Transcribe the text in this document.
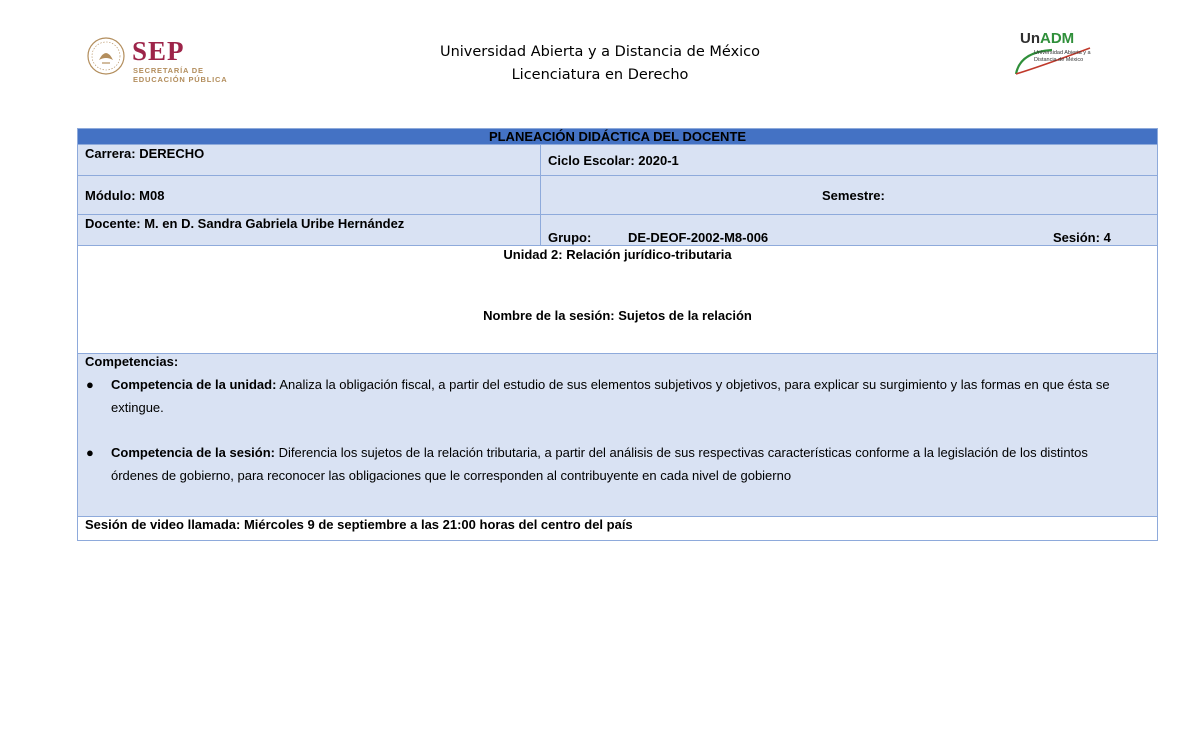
SEP
SECRETARÍA DE
EDUCACIÓN PÚBLICA
Universidad Abierta y a Distancia de México
Licenciatura en Derecho
UnADM
Universidad Abierta y a
Distancia de México
PLANEACIÓN DIDÁCTICA DEL DOCENTE
Carrera: DERECHO	Ciclo Escolar: 2020-1
Módulo: M08	Semestre:
Docente: M. en D. Sandra Gabriela Uribe Hernández
Grupo:	DE-DEOF-2002-M8-006	Sesión: 4
Unidad 2: Relación jurídico-tributaria
Nombre de la sesión: Sujetos de la relación
Competencias:
● Competencia de la unidad: Analiza la obligación fiscal, a partir del estudio de sus elementos subjetivos y objetivos, para explicar su surgimiento y las formas en que ésta se extingue.
● Competencia de la sesión: Diferencia los sujetos de la relación tributaria, a partir del análisis de sus respectivas características conforme a la legislación de los distintos órdenes de gobierno, para reconocer las obligaciones que le corresponden al contribuyente en cada nivel de gobierno
Sesión de video llamada: Miércoles 9 de septiembre a las 21:00 horas del centro del país
